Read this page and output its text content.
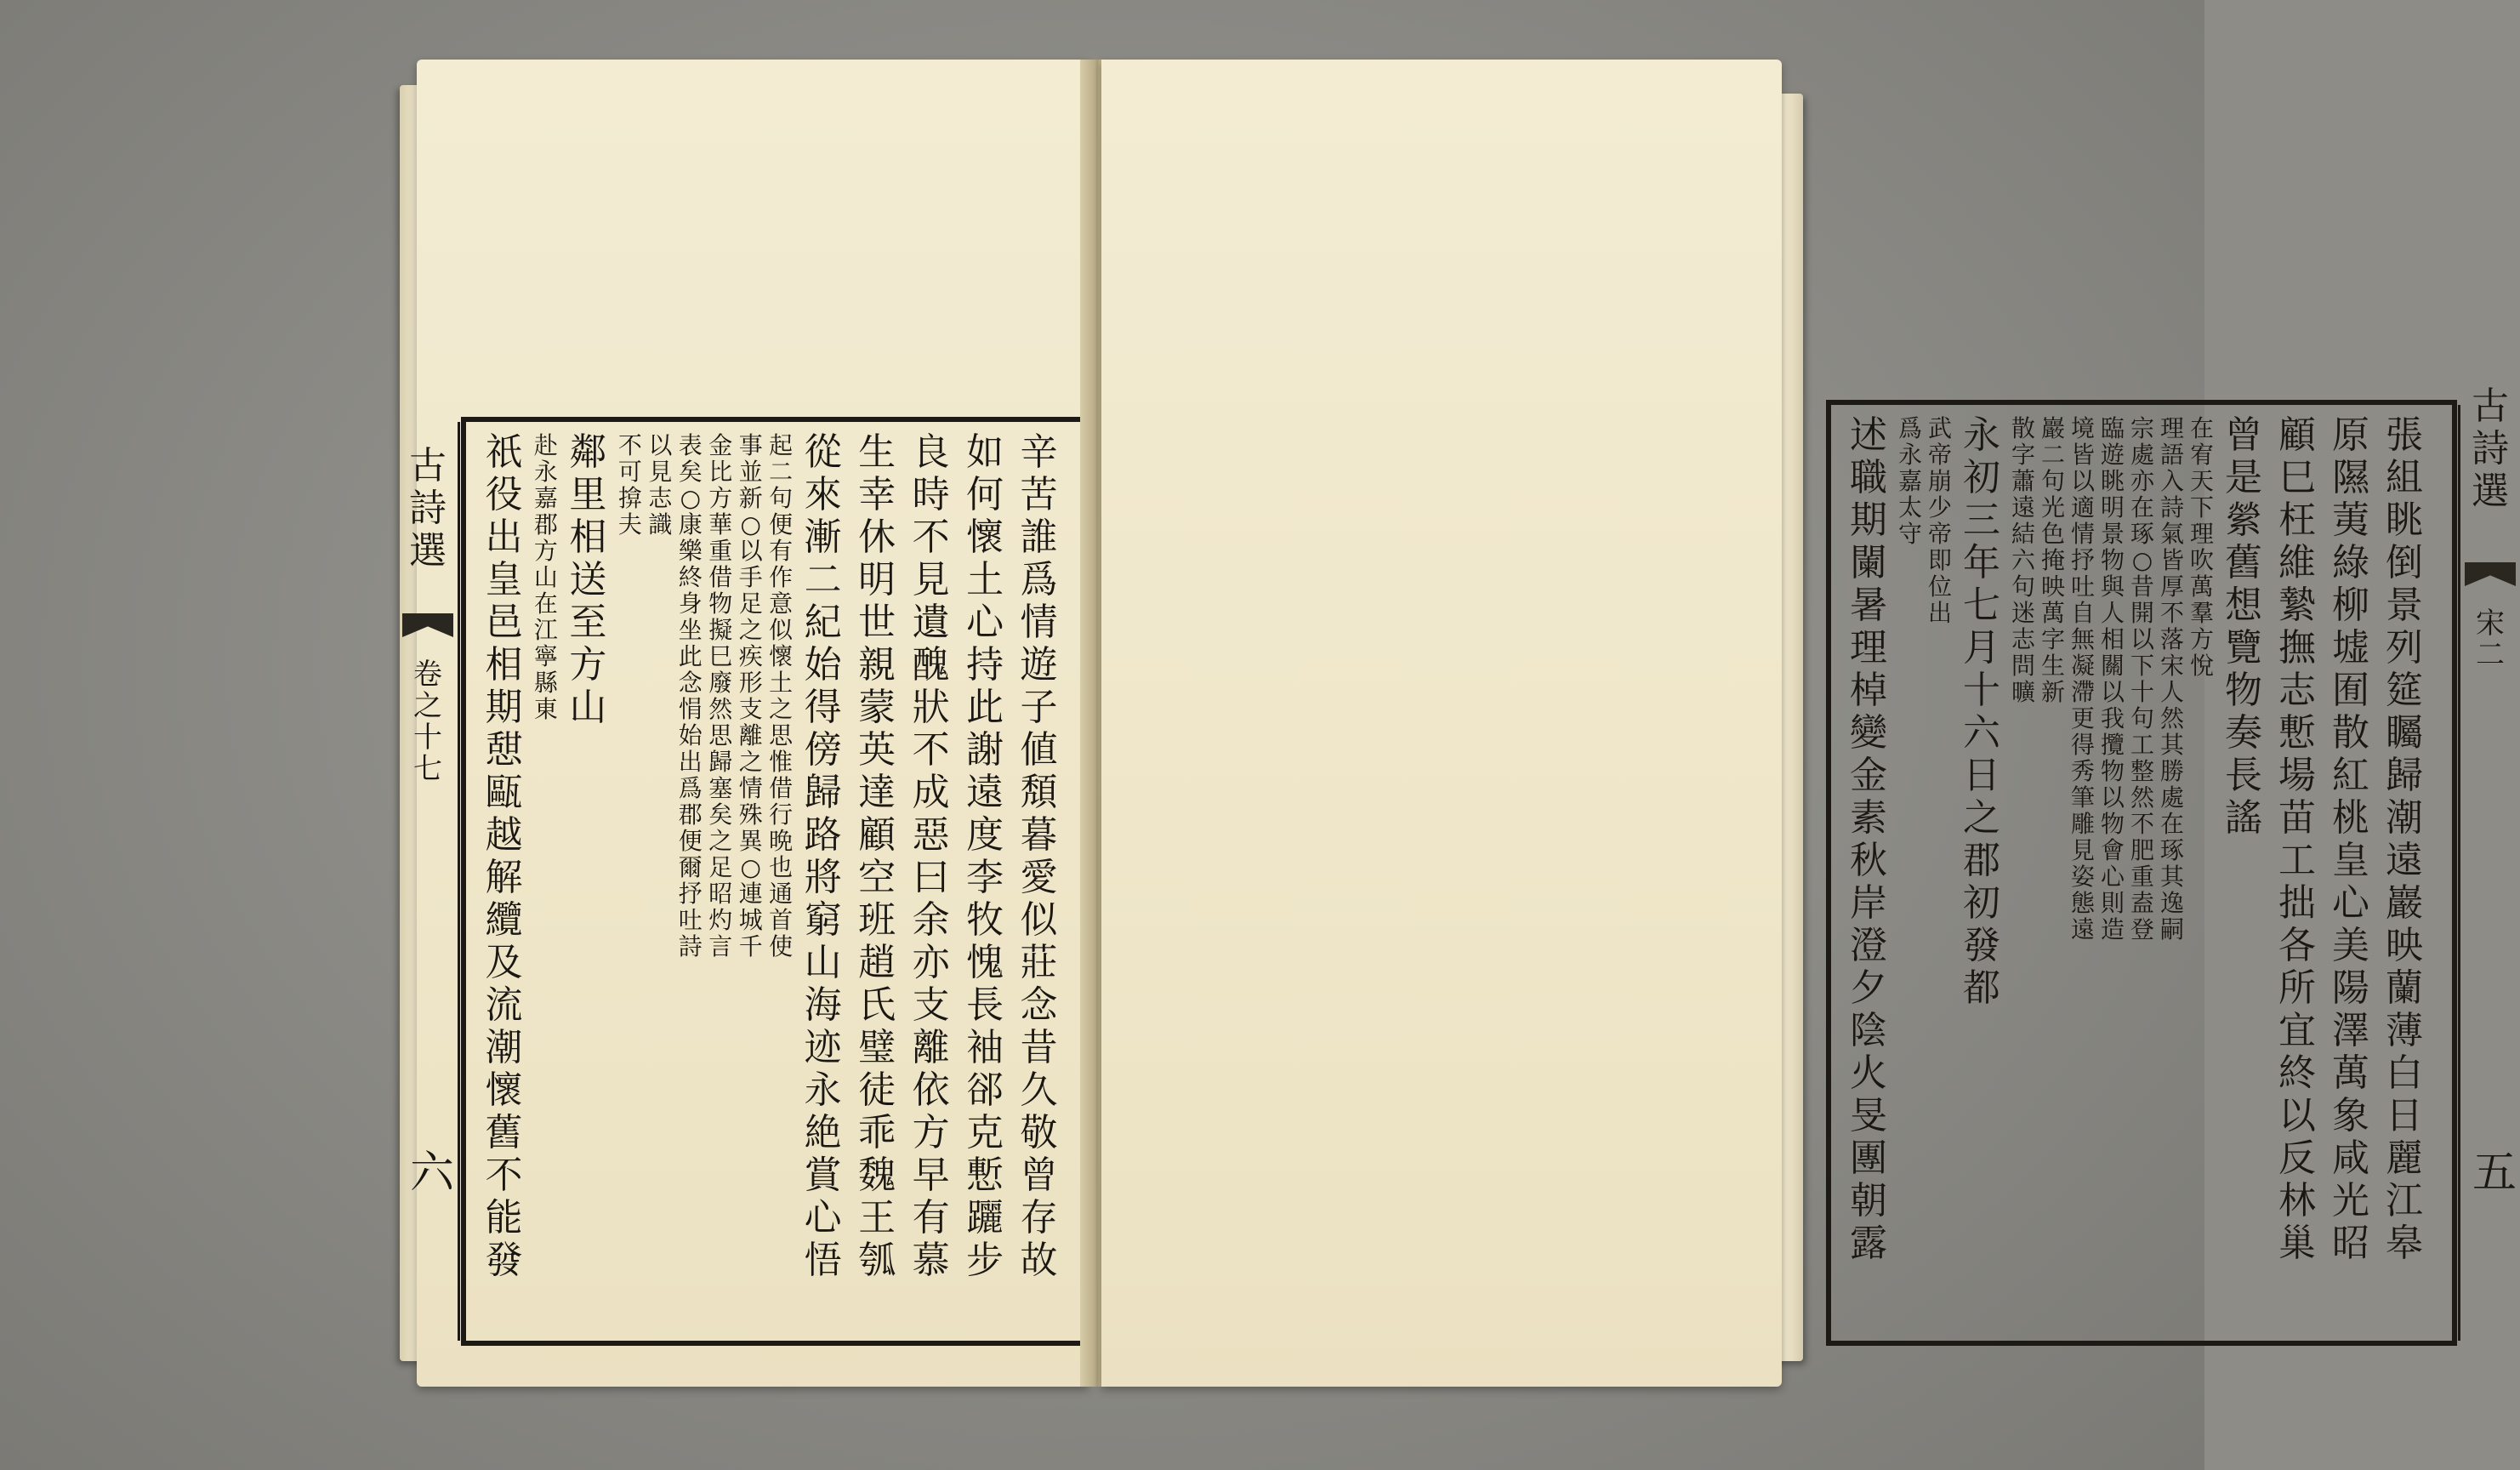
辛
苦
誰
爲
情
遊
子
値
頽
暮
愛
似
莊
念
昔
久
敬
曾
存
故
如
何
懷
土
心
持
此
謝
遠
度
李
牧
愧
長
袖
郤
克
慙
躧
步
良
時
不
見
遺
醜
狀
不
成
惡
曰
余
亦
支
離
依
方
早
有
慕
生
幸
休
明
世
親
蒙
英
達
顧
空
班
趙
氏
璧
徒
乖
魏
王
瓠
從
來
漸
二
紀
始
得
傍
歸
路
將
窮
山
海
迹
永
絶
賞
心
悟
起
二
句
便
有
作
意
似
懷
土
之
思
惟
借
行
晩
也
通
首
使
事
並
新
○
以
手
足
之
疾
形
支
離
之
情
殊
異
○
連
城
千
金
比
方
華
重
借
物
擬
巳
廢
然
思
歸
塞
矣
之
足
昭
灼
言
表
矣
○
康
樂
終
身
坐
此
念
悁
始
出
爲
郡
便
爾
抒
吐
詩
以
見
志
識
不
可
揜
夫
鄰
里
相
送
至
方
山
赴
永
嘉
郡
方
山
在
江
寧
縣
東
祇
役
出
皇
邑
相
期
憇
甌
越
解
纜
及
流
潮
懷
舊
不
能
發
古
詩
選
卷
之
十
七
六
張
組
眺
倒
景
列
筵
矚
歸
潮
遠
巖
映
蘭
薄
白
日
麗
江
皋
原
隰
荑
綠
柳
墟
囿
散
紅
桃
皇
心
美
陽
澤
萬
象
咸
光
昭
顧
巳
枉
維
縶
撫
志
慙
場
苗
工
拙
各
所
宜
終
以
反
林
巢
曾
是
縈
舊
想
覽
物
奏
長
謠
在
宥
天
下
理
吹
萬
羣
方
悅
理
語
入
詩
氣
皆
厚
不
落
宋
人
然
其
勝
處
在
琢
其
逸
嗣
宗
處
亦
在
琢
○
昔
開
以
下
十
句
工
整
然
不
肥
重
盍
登
臨
遊
眺
明
景
物
與
人
相
關
以
我
攬
物
以
物
會
心
則
造
境
皆
以
適
情
抒
吐
自
無
凝
滯
更
得
秀
筆
雕
見
姿
態
遠
巖
二
句
光
色
掩
映
萬
字
生
新
散
字
蕭
遠
結
六
句
迷
志
問
曠
永
初
三
年
七
月
十
六
日
之
郡
初
發
都
武
帝
崩
少
帝
即
位
出
爲
永
嘉
太
守
述
職
期
闌
暑
理
棹
變
金
素
秋
岸
澄
夕
陰
火
旻
團
朝
露
古
詩
選
宋
二
五
